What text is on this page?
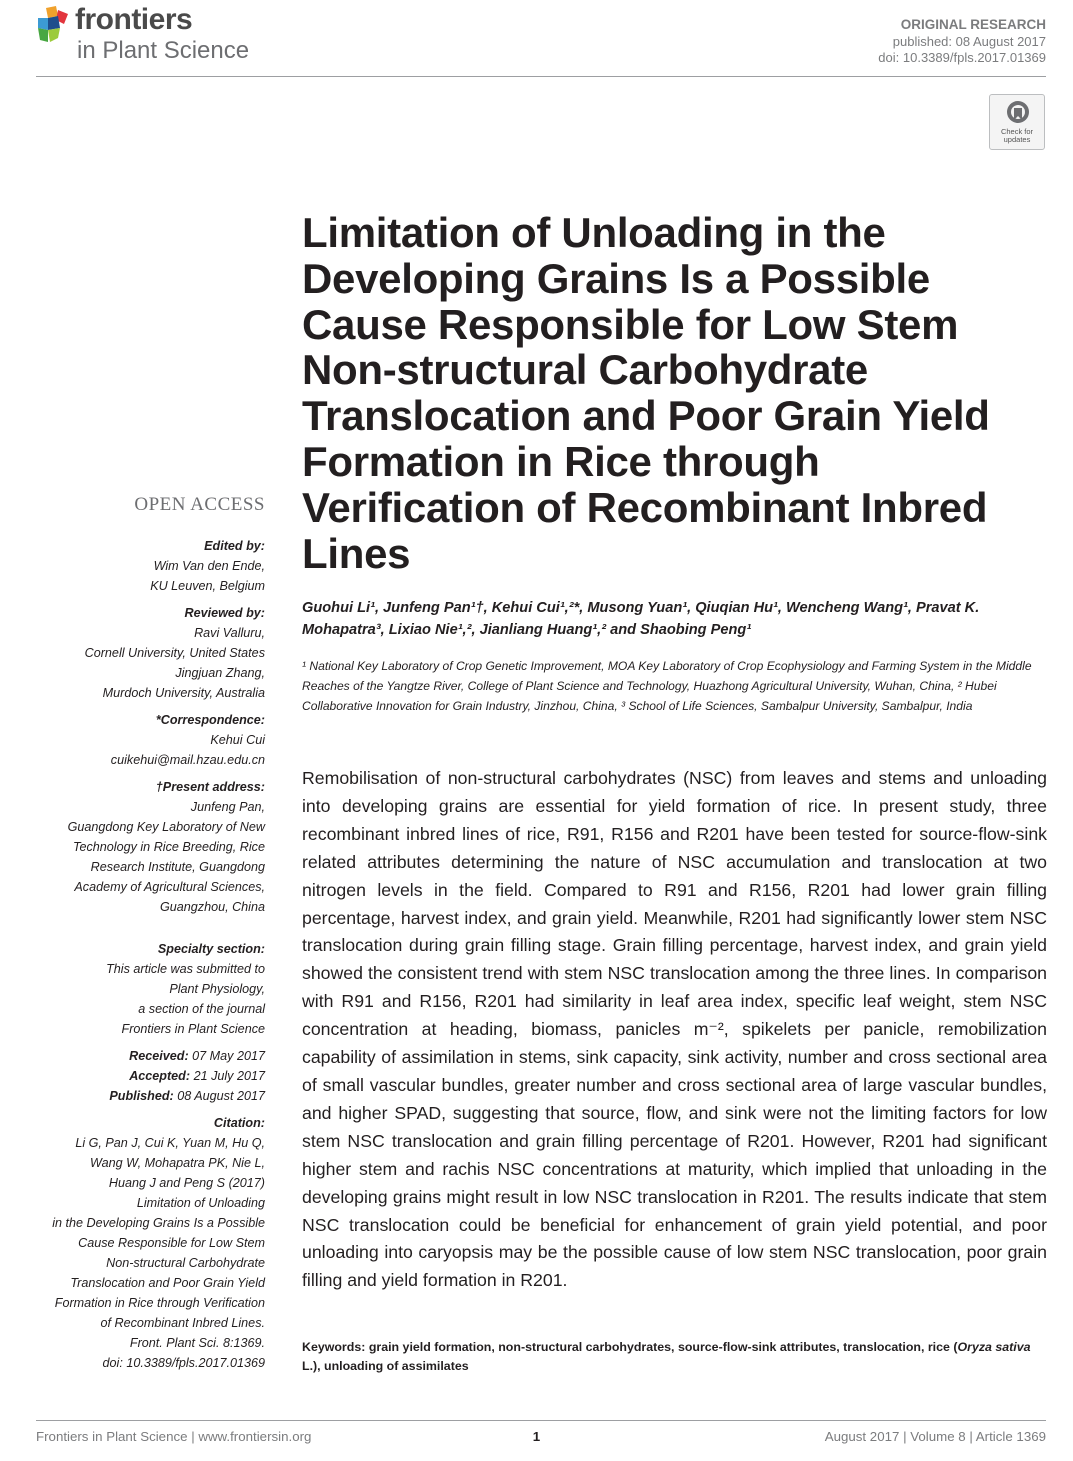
frontiers
in Plant Science
ORIGINAL RESEARCH
published: 08 August 2017
doi: 10.3389/fpls.2017.01369
Check for updates
Limitation of Unloading in the Developing Grains Is a Possible Cause Responsible for Low Stem Non-structural Carbohydrate Translocation and Poor Grain Yield Formation in Rice through Verification of Recombinant Inbred Lines
Guohui Li¹, Junfeng Pan¹†, Kehui Cui¹,²*, Musong Yuan¹, Qiuqian Hu¹, Wencheng Wang¹, Pravat K. Mohapatra³, Lixiao Nie¹,², Jianliang Huang¹,² and Shaobing Peng¹
¹ National Key Laboratory of Crop Genetic Improvement, MOA Key Laboratory of Crop Ecophysiology and Farming System in the Middle Reaches of the Yangtze River, College of Plant Science and Technology, Huazhong Agricultural University, Wuhan, China, ² Hubei Collaborative Innovation for Grain Industry, Jinzhou, China, ³ School of Life Sciences, Sambalpur University, Sambalpur, India
Remobilisation of non-structural carbohydrates (NSC) from leaves and stems and unloading into developing grains are essential for yield formation of rice. In present study, three recombinant inbred lines of rice, R91, R156 and R201 have been tested for source-flow-sink related attributes determining the nature of NSC accumulation and translocation at two nitrogen levels in the field. Compared to R91 and R156, R201 had lower grain filling percentage, harvest index, and grain yield. Meanwhile, R201 had significantly lower stem NSC translocation during grain filling stage. Grain filling percentage, harvest index, and grain yield showed the consistent trend with stem NSC translocation among the three lines. In comparison with R91 and R156, R201 had similarity in leaf area index, specific leaf weight, stem NSC concentration at heading, biomass, panicles m⁻², spikelets per panicle, remobilization capability of assimilation in stems, sink capacity, sink activity, number and cross sectional area of small vascular bundles, greater number and cross sectional area of large vascular bundles, and higher SPAD, suggesting that source, flow, and sink were not the limiting factors for low stem NSC translocation and grain filling percentage of R201. However, R201 had significant higher stem and rachis NSC concentrations at maturity, which implied that unloading in the developing grains might result in low NSC translocation in R201. The results indicate that stem NSC translocation could be beneficial for enhancement of grain yield potential, and poor unloading into caryopsis may be the possible cause of low stem NSC translocation, poor grain filling and yield formation in R201.
Keywords: grain yield formation, non-structural carbohydrates, source-flow-sink attributes, translocation, rice (Oryza sativa L.), unloading of assimilates
OPEN ACCESS
Edited by:
Wim Van den Ende,
KU Leuven, Belgium
Reviewed by:
Ravi Valluru,
Cornell University, United States
Jingjuan Zhang,
Murdoch University, Australia
*Correspondence:
Kehui Cui
cuikehui@mail.hzau.edu.cn
†Present address:
Junfeng Pan,
Guangdong Key Laboratory of New
Technology in Rice Breeding, Rice
Research Institute, Guangdong
Academy of Agricultural Sciences,
Guangzhou, China
Specialty section:
This article was submitted to
Plant Physiology,
a section of the journal
Frontiers in Plant Science
Received: 07 May 2017
Accepted: 21 July 2017
Published: 08 August 2017
Citation:
Li G, Pan J, Cui K, Yuan M, Hu Q,
Wang W, Mohapatra PK, Nie L,
Huang J and Peng S (2017)
Limitation of Unloading
in the Developing Grains Is a Possible
Cause Responsible for Low Stem
Non-structural Carbohydrate
Translocation and Poor Grain Yield
Formation in Rice through Verification
of Recombinant Inbred Lines.
Front. Plant Sci. 8:1369.
doi: 10.3389/fpls.2017.01369
Frontiers in Plant Science | www.frontiersin.org	1	August 2017 | Volume 8 | Article 1369
